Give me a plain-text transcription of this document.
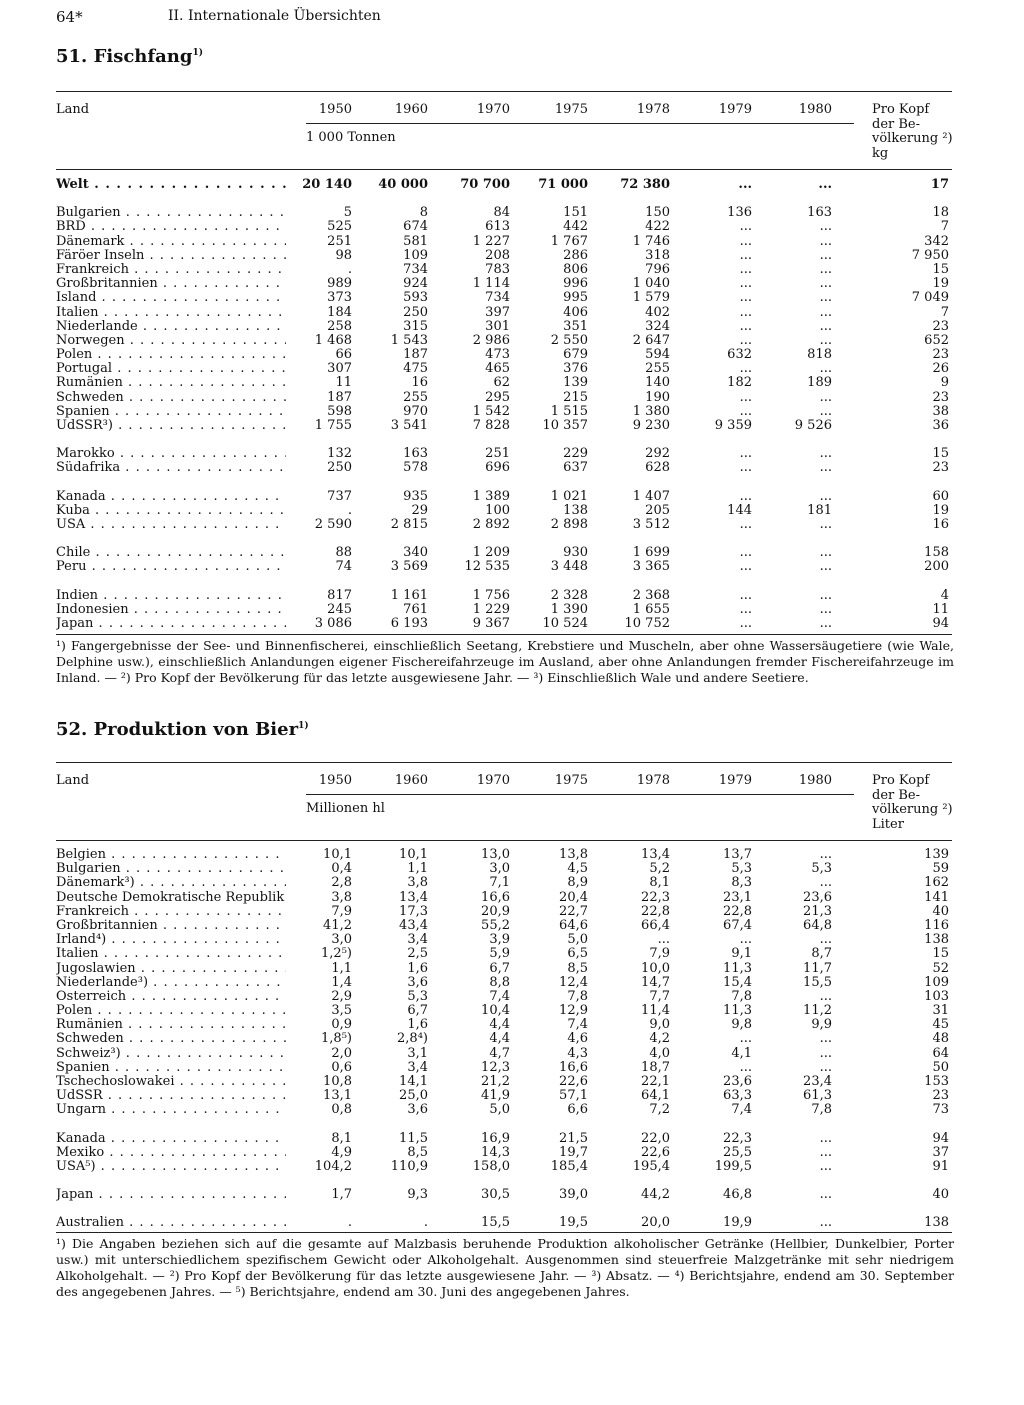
64*	II. Internationale Übersichten
51. Fischfang$^{1)}$
Land	1950	1960	1970	1975	1978	1979	1980
1 000 Tonnen
Pro Kopf
der Be-
völkerung ²)
kg
Welt . . .	20 140	40 000	70 700	71 000	72 380	...	...	17
Bulgarien . . .	5	8	84	151	150	136	163	18
BRD . . .	525	674	613	442	422	...	...	7
Dänemark . . .	251	581	1 227	1 767	1 746	...	...	342
Färöer Inseln . . .	98	109	208	286	318	...	...	7 950
Frankreich . . .	.	734	783	806	796	...	...	15
Großbritannien . . .	989	924	1 114	996	1 040	...	...	19
Island . . .	373	593	734	995	1 579	...	...	7 049
Italien . . .	184	250	397	406	402	...	...	7
Niederlande . . .	258	315	301	351	324	...	...	23
Norwegen . . .	1 468	1 543	2 986	2 550	2 647	...	...	652
Polen . . .	66	187	473	679	594	632	818	23
Portugal . . .	307	475	465	376	255	...	...	26
Rumänien . . .	11	16	62	139	140	182	189	9
Schweden . . .	187	255	295	215	190	...	...	23
Spanien . . .	598	970	1 542	1 515	1 380	...	...	38
UdSSR³) . . .	1 755	3 541	7 828	10 357	9 230	9 359	9 526	36
Marokko . . .	132	163	251	229	292	...	...	15
Südafrika . . .	250	578	696	637	628	...	...	23
Kanada . . .	737	935	1 389	1 021	1 407	...	...	60
Kuba . . .	.	29	100	138	205	144	181	19
USA . . .	2 590	2 815	2 892	2 898	3 512	...	...	16
Chile . . .	88	340	1 209	930	1 699	...	...	158
Peru . . .	74	3 569	12 535	3 448	3 365	...	...	200
Indien . . .	817	1 161	1 756	2 328	2 368	...	...	4
Indonesien . . .	245	761	1 229	1 390	1 655	...	...	11
Japan . . .	3 086	6 193	9 367	10 524	10 752	...	...	94
¹) Fangergebnisse der See- und Binnenfischerei, einschließlich Seetang, Krebstiere und Muscheln, aber ohne Wassersäugetiere (wie Wale, Delphine usw.), einschließlich Anlandungen eigener Fischereifahrzeuge im Ausland, aber ohne Anlandungen fremder Fischereifahrzeuge im Inland. — ²) Pro Kopf der Bevölkerung für das letzte ausgewiesene Jahr. — ³) Einschließlich Wale und andere Seetiere.
52. Produktion von Bier$^{1)}$
Land	1950	1960	1970	1975	1978	1979	1980
Millionen hl
Pro Kopf
der Be-
völkerung ²)
Liter
Belgien . . .	10,1	10,1	13,0	13,8	13,4	13,7	...	139
Bulgarien . . .	0,4	1,1	3,0	4,5	5,2	5,3	5,3	59
Dänemark³) . . .	2,8	3,8	7,1	8,9	8,1	8,3	...	162
Deutsche Demokratische Republik . . .	3,8	13,4	16,6	20,4	22,3	23,1	23,6	141
Frankreich . . .	7,9	17,3	20,9	22,7	22,8	22,8	21,3	40
Großbritannien . . .	41,2	43,4	55,2	64,6	66,4	67,4	64,8	116
Irland⁴) . . .	3,0	3,4	3,9	5,0	...	...	...	138
Italien . . .	1,2⁵)	2,5	5,9	6,5	7,9	9,1	8,7	15
Jugoslawien . . .	1,1	1,6	6,7	8,5	10,0	11,3	11,7	52
Niederlande³) . . .	1,4	3,6	8,8	12,4	14,7	15,4	15,5	109
Österreich . . .	2,9	5,3	7,4	7,8	7,7	7,8	...	103
Polen . . .	3,5	6,7	10,4	12,9	11,4	11,3	11,2	31
Rumänien . . .	0,9	1,6	4,4	7,4	9,0	9,8	9,9	45
Schweden . . .	1,8⁵)	2,8⁴)	4,4	4,6	4,2	...	...	48
Schweiz³) . . .	2,0	3,1	4,7	4,3	4,0	4,1	...	64
Spanien . . .	0,6	3,4	12,3	16,6	18,7	...	...	50
Tschechoslowakei . . .	10,8	14,1	21,2	22,6	22,1	23,6	23,4	153
UdSSR . . .	13,1	25,0	41,9	57,1	64,1	63,3	61,3	23
Ungarn . . .	0,8	3,6	5,0	6,6	7,2	7,4	7,8	73
Kanada . . .	8,1	11,5	16,9	21,5	22,0	22,3	...	94
Mexiko . . .	4,9	8,5	14,3	19,7	22,6	25,5	...	37
USA⁵) . . .	104,2	110,9	158,0	185,4	195,4	199,5	...	91
Japan . . .	1,7	9,3	30,5	39,0	44,2	46,8	...	40
Australien . . .	.	.	15,5	19,5	20,0	19,9	...	138
¹) Die Angaben beziehen sich auf die gesamte auf Malzbasis beruhende Produktion alkoholischer Getränke (Hellbier, Dunkelbier, Porter usw.) mit unterschiedlichem spezifischem Gewicht oder Alkoholgehalt. Ausgenommen sind steuerfreie Malzgetränke mit sehr niedrigem Alkoholgehalt. — ²) Pro Kopf der Bevölkerung für das letzte ausgewiesene Jahr. — ³) Absatz. — ⁴) Berichtsjahre, endend am 30. September des angegebenen Jahres. — ⁵) Berichtsjahre, endend am 30. Juni des angegebenen Jahres.
